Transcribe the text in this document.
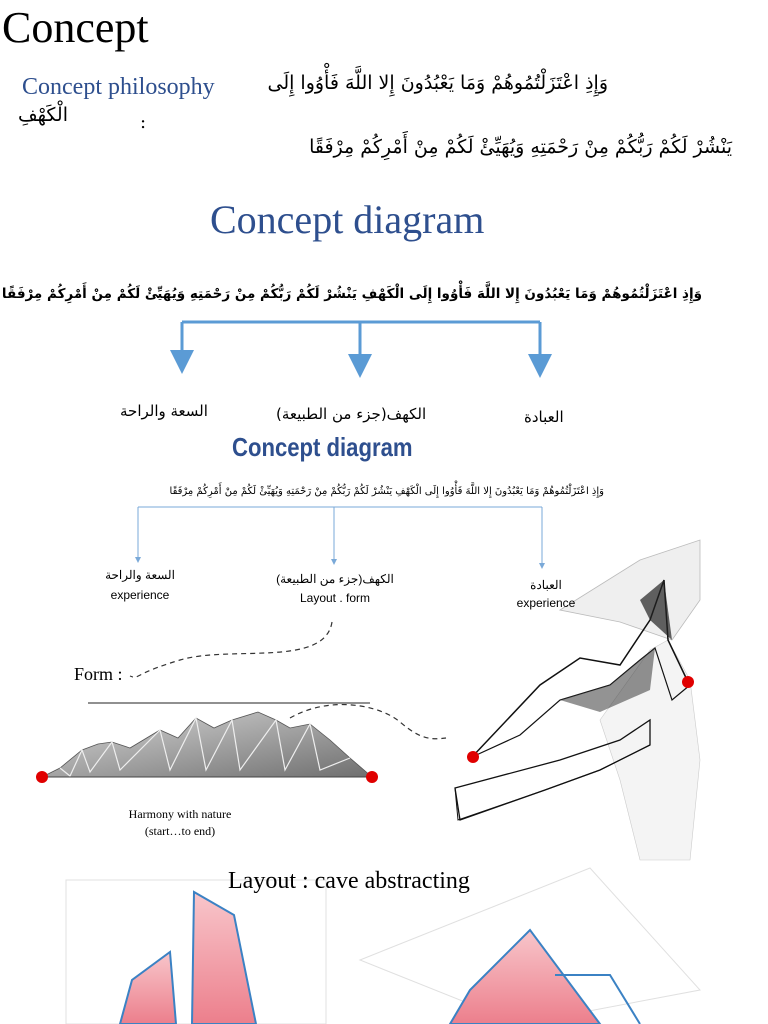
Concept
Concept philosophy	وَإِذِ اعْتَزَلْتُمُوهُمْ وَمَا يَعْبُدُونَ إِلا اللَّهَ فَأْوُوا إِلَى
الْكَهْفِ	:
يَنْشُرْ لَكُمْ رَبُّكُمْ مِنْ رَحْمَتِهِ وَيُهَيِّئْ لَكُمْ مِنْ أَمْرِكُمْ مِرْفَقًا
Concept diagram
وَإِذِ اعْتَزَلْتُمُوهُمْ وَمَا يَعْبُدُونَ إِلا اللَّهَ فَأْوُوا إِلَى الْكَهْفِ يَنْشُرْ لَكُمْ رَبُّكُمْ مِنْ رَحْمَتِهِ وَيُهَيِّئْ لَكُمْ مِنْ أَمْرِكُمْ مِرْفَقًا
السعة والراحة	الكهف(جزء من الطبيعة)	العبادة
Concept diagram
وَإِذِ اعْتَزَلْتُمُوهُمْ وَمَا يَعْبُدُونَ إِلا اللَّهَ فَأْوُوا إِلَى الْكَهْفِ يَنْشُرْ لَكُمْ رَبُّكُمْ مِنْ رَحْمَتِهِ وَيُهَيِّئْ لَكُمْ مِنْ أَمْرِكُمْ مِرْفَقًا
السعة والراحة
experience
الكهف(جزء من الطبيعة)
Layout . form
العبادة
experience
Form :
Harmony with nature
(start…to end)
Layout : cave abstracting
